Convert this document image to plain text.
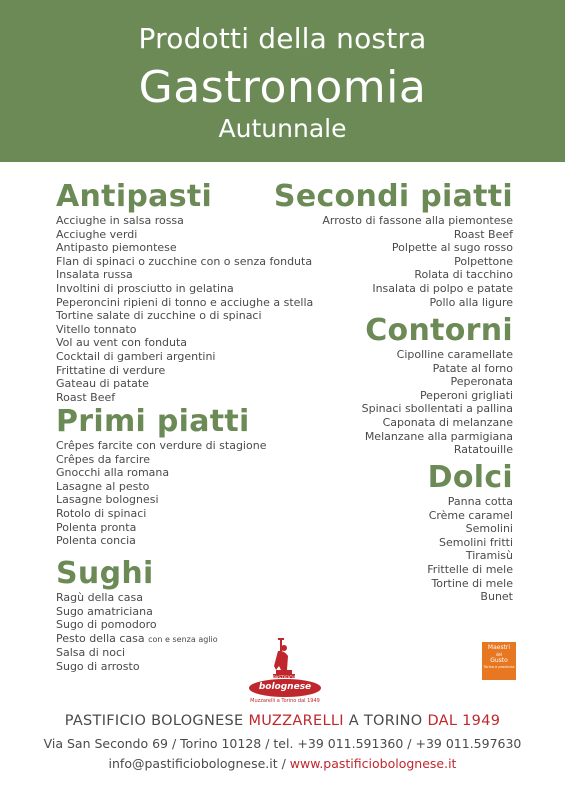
Prodotti della nostra
Gastronomia
Autunnale
Antipasti
Acciughe in salsa rossa
Acciughe verdi
Antipasto piemontese
Flan di spinaci o zucchine con o senza fonduta
Insalata russa
Involtini di prosciutto in gelatina
Peperoncini ripieni di tonno e acciughe a stella
Tortine salate di zucchine o di spinaci
Vitello tonnato
Vol au vent con fonduta
Cocktail di gamberi argentini
Frittatine di verdure
Gateau di patate
Roast Beef
Primi piatti
Crêpes farcite con verdure di stagione
Crêpes da farcire
Gnocchi alla romana
Lasagne al pesto
Lasagne bolognesi
Rotolo di spinaci
Polenta pronta
Polenta concia
Sughi
Ragù della casa
Sugo amatriciana
Sugo di pomodoro
Pesto della casa con e senza aglio
Salsa di noci
Sugo di arrosto
Secondi piatti
Arrosto di fassone alla piemontese
Roast Beef
Polpette al sugo rosso
Polpettone
Rolata di tacchino
Insalata di polpo e patate
Pollo alla ligure
Contorni
Cipolline caramellate
Patate al forno
Peperonata
Peperoni grigliati
Spinaci sbollentati a pallina
Caponata di melanzane
Melanzane alla parmigiana
Ratatouille
Dolci
Panna cotta
Crème caramel
Semolini
Semolini fritti
Tiramisù
Frittelle di mele
Tortine di mele
Bunet
PASTIFICIO
bolognese
Muzzarelli a Torino dal 1949
Maestri
del
Gusto
Torino e provincia
PASTIFICIO BOLOGNESE MUZZARELLI A TORINO DAL 1949
Via San Secondo 69 / Torino 10128 / tel. +39 011.591360 / +39 011.597630
info@pastificiobolognese.it / www.pastificiobolognese.it
